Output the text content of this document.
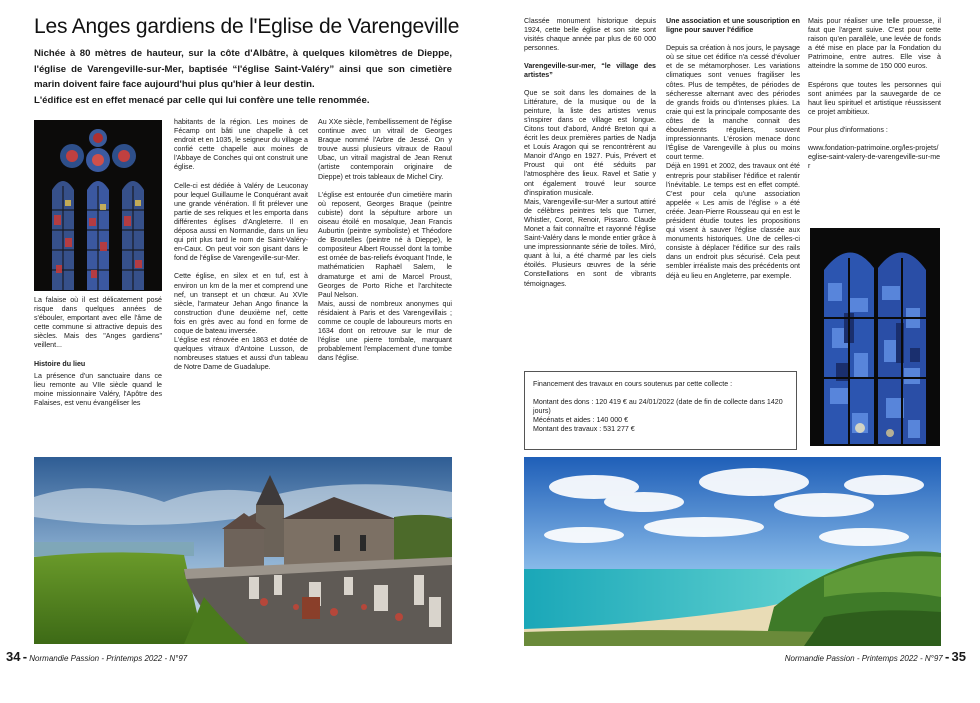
Les Anges gardiens de l'Eglise de Varengeville
Nichée à 80 mètres de hauteur, sur la côte d'Albâtre, à quelques kilomètres de Dieppe, l'église de Varengeville-sur-Mer, baptisée “l'église Saint-Valéry” ainsi que son cimetière marin doivent faire face aujourd'hui plus qu'hier à leur destin.
L'édifice est en effet menacé par celle qui lui confère une telle renommée.

La falaise où il est délicatement posé risque dans quelques années de s'ébouler, emportant avec elle l'âme de cette commune si attractive depuis des siècles. Mais des "Anges gardiens" veillent...

Histoire du lieu

La présence d'un sanctuaire dans ce lieu remonte au VIIe siècle quand le moine missionnaire Valéry, l'Apôtre des Falaises, est venu évangéliser les

habitants de la région. Les moines de Fécamp ont bâti une chapelle à cet endroit et en 1035, le seigneur du village a confié cette chapelle aux moines de l'Abbaye de Conches qui ont construit une église.

Celle-ci est dédiée à Valéry de Leuconay pour lequel Guillaume le Conquérant avait une grande vénération. Il fit prélever une partie de ses reliques et les emporta dans différentes églises d'Angleterre. Il en déposa aussi en Normandie, dans un lieu qui prit plus tard le nom de Saint-Valéry-en-Caux. On peut voir son gisant dans le fond de l'église de Varengeville-sur-Mer.

Cette église, en silex et en tuf, est à environ un km de la mer et comprend une nef, un transept et un chœur. Au XVIe siècle, l'armateur Jehan Ango finance la construction d'une deuxième nef, cette fois en grès avec au fond en forme de coque de bateau inversée.

L'église est rénovée en 1863 et dotée de quelques vitraux d'Antoine Lusson, de nombreuses statues et aussi d'un tableau de Notre Dame de Guadalupe.

Au XXe siècle, l'embellissement de l'église continue avec un vitrail de Georges Braque nommé l'Arbre de Jessé. On y trouve aussi plusieurs vitraux de Raoul Ubac, un vitrail magistral de Jean Renut (artiste contemporain originaire de Dieppe) et trois tableaux de Michel Ciry.

L'église est entourée d'un cimetière marin où reposent, Georges Braque (peintre cubiste) dont la sépulture arbore un oiseau étoilé en mosaïque, Jean Francis Auburtin (peintre symboliste) et Théodore de Broutelles (peintre né à Dieppe), le compositeur Albert Roussel dont la tombe est ornée de bas-reliefs évoquant l'Inde, le mathématicien Raphaël Salem, le dramaturge et ami de Marcel Proust, Georges de Porto Riche et l'architecte Paul Nelson.

Mais, aussi de nombreux anonymes qui résidaient à Paris et des Varengevillais ; comme ce couple de laboureurs morts en 1634 dont on retrouve sur le mur de l'église une pierre tombale, marquant probablement l'emplacement d'une tombe dans l'église.

34 - Normandie Passion - Printemps 2022 - N°97

Classée monument historique depuis 1924, cette belle église et son site sont visités chaque année par plus de 60 000 personnes.

Varengeville-sur-mer, “le village des artistes”

Que se soit dans les domaines de la Littérature, de la musique ou de la peinture, la liste des artistes venus s'inspirer dans ce village est longue. Citons tout d'abord, André Breton qui a écrit les deux premières parties de Nadja et Louis Aragon qui se rencontrèrent au Manoir d'Ango en 1927. Puis, Prévert et Proust qui ont été séduits par l'atmosphère des lieux. Ravel et Satie y ont également trouvé leur source d'inspiration musicale.

Mais, Varengeville-sur-Mer a surtout attiré de célèbres peintres tels que Turner, Whistler, Corot, Renoir, Pissaro. Claude Monet a fait connaître et rayonné l'église Saint-Valéry dans le monde entier grâce à une impressionnante série de toiles. Miró, quant à lui, a été charmé par les ciels étoilés. Plusieurs œuvres de la série Constellations en sont de vibrants témoignages.

Une association et une souscription en ligne pour sauver l'édifice

Depuis sa création à nos jours, le paysage où se situe cet édifice n'a cessé d'évoluer et de se métamorphoser. Les variations climatiques sont venues fragiliser les côtes. Plus de tempêtes, de périodes de sécheresse alternant avec des périodes de grands froids ou d'intenses pluies. La craie qui est la principale composante des côtes de la manche connait des éboulements réguliers, souvent impressionnants. L'érosion menace donc l'Église de Varengeville à plus ou moins court terme.

Déjà en 1991 et 2002, des travaux ont été entrepris pour stabiliser l'édifice et ralentir l'inévitable. Le temps est en effet compté. C'est pour cela qu'une association appelée « Les amis de l'église » a été créée. Jean-Pierre Rousseau qui en est le président étudie toutes les propositions qui visent à sauver l'église classée aux monuments historiques. Une de celles-ci consiste à déplacer l'édifice sur des rails dans un endroit plus sécurisé. Cela peut sembler irréaliste mais des précédents ont déjà eu lieu en Angleterre, par exemple.

Mais pour réaliser une telle prouesse, il faut que l'argent suive. C'est pour cette raison qu'en parallèle, une levée de fonds a été mise en place par la Fondation du Patrimoine, entre autres. Elle vise à atteindre la somme de 150 000 euros.

Espérons que toutes les personnes qui sont animées par la sauvegarde de ce haut lieu spirituel et artistique réussissent ce projet ambitieux.

Pour plus d'informations :

www.fondation-patrimoine.org/les-projets/eglise-saint-valery-de-varengeville-sur-mer

Financement des travaux en cours soutenus par cette collecte :

Montant des dons : 120 419 € au 24/01/2022 (date de fin de collecte dans 1420 jours)

Mécénats et aides : 140 000 €

Montant des travaux : 531 277 €

Normandie Passion - Printemps 2022 - N°97 - 35
